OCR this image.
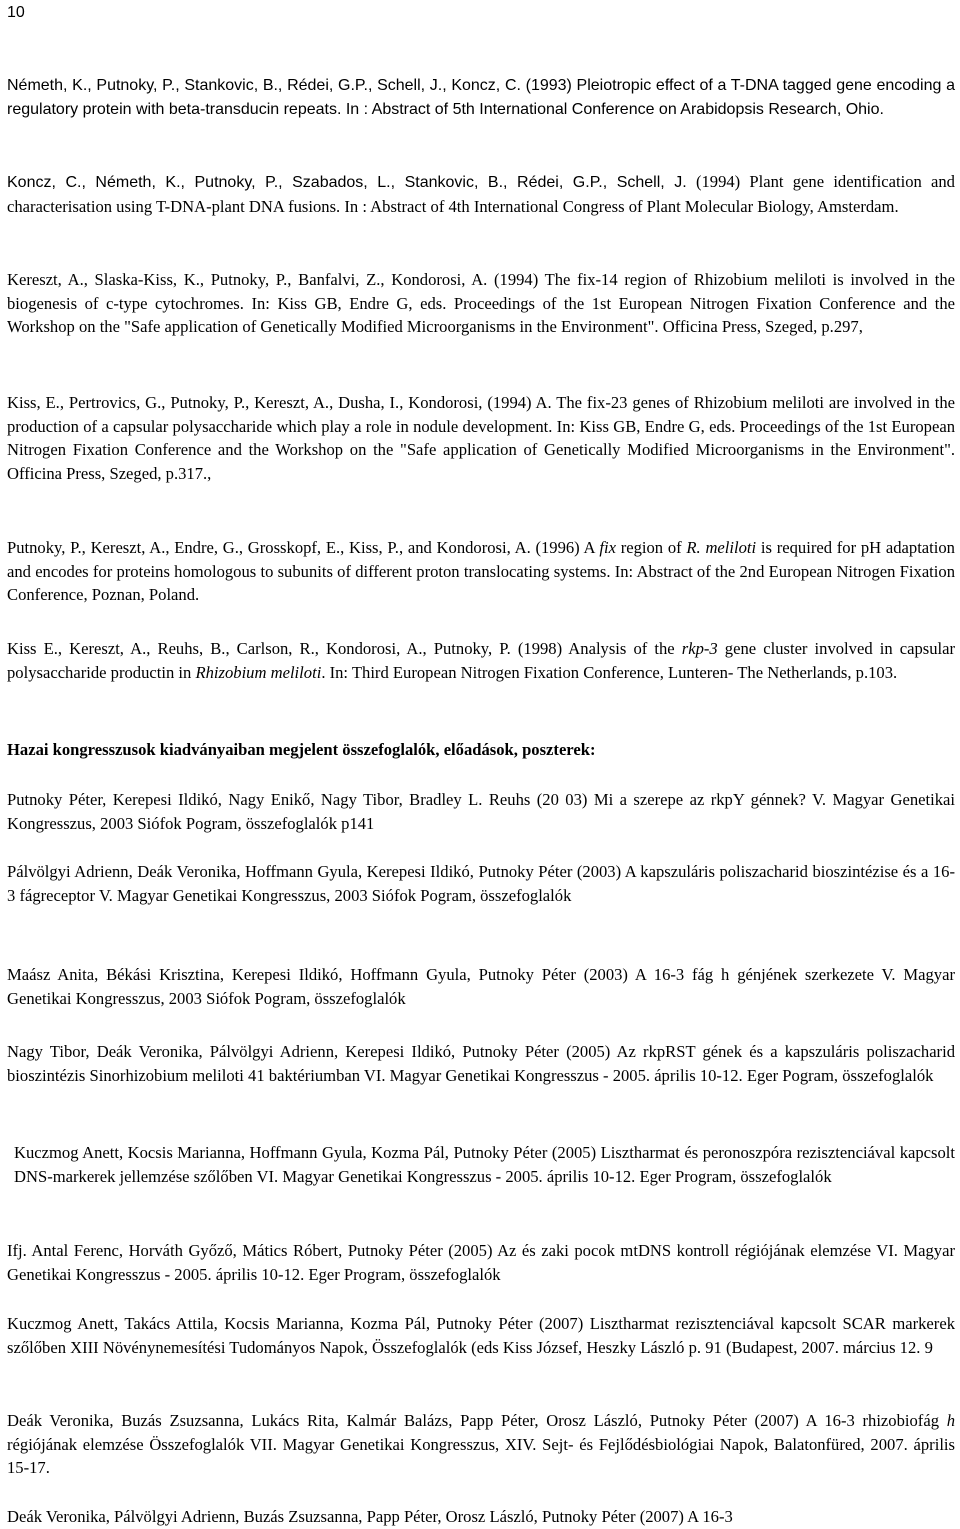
10

Németh, K., Putnoky, P., Stankovic, B., Rédei, G.P., Schell, J., Koncz, C. (1993) Pleiotropic effect of a T-DNA tagged gene encoding a regulatory protein with beta-transducin repeats. In : Abstract of 5th International Conference on Arabidopsis Research, Ohio.

Koncz, C., Németh, K., Putnoky, P., Szabados, L., Stankovic, B., Rédei, G.P., Schell, J. (1994) Plant gene identification and characterisation using T-DNA-plant DNA fusions. In : Abstract of 4th International Congress of Plant Molecular Biology, Amsterdam.

Kereszt, A., Slaska-Kiss, K., Putnoky, P., Banfalvi, Z., Kondorosi, A. (1994) The fix-14 region of Rhizobium meliloti is involved in the biogenesis of c-type cytochromes. In: Kiss GB, Endre G, eds. Proceedings of the 1st European Nitrogen Fixation Conference and the Workshop on the "Safe application of Genetically Modified Microorganisms in the Environment". Officina Press, Szeged, p.297,

Kiss, E., Pertrovics, G., Putnoky, P., Kereszt, A., Dusha, I., Kondorosi, (1994) A. The fix-23 genes of Rhizobium meliloti are involved in the production of a capsular polysaccharide which play a role in nodule development. In: Kiss GB, Endre G, eds. Proceedings of the 1st European Nitrogen Fixation Conference and the Workshop on the "Safe application of Genetically Modified Microorganisms in the Environment". Officina Press, Szeged, p.317.,

Putnoky, P., Kereszt, A., Endre, G., Grosskopf, E., Kiss, P., and Kondorosi, A. (1996) A fix region of R. meliloti is required for pH adaptation and encodes for proteins homologous to subunits of different proton translocating systems. In: Abstract of the 2nd European Nitrogen Fixation Conference, Poznan, Poland.

Kiss E., Kereszt, A., Reuhs, B., Carlson, R., Kondorosi, A., Putnoky, P. (1998) Analysis of the rkp-3 gene cluster involved in capsular polysaccharide productin in Rhizobium meliloti. In: Third European Nitrogen Fixation Conference, Lunteren- The Netherlands, p.103.

Hazai kongresszusok kiadványaiban megjelent összefoglalók, előadások, poszterek:

Putnoky Péter, Kerepesi Ildikó, Nagy Enikő, Nagy Tibor, Bradley L. Reuhs (20 03) Mi a szerepe az rkpY génnek? V. Magyar Genetikai Kongresszus, 2003 Siófok Pogram, összefoglalók p141

Pálvölgyi Adrienn, Deák Veronika, Hoffmann Gyula, Kerepesi Ildikó, Putnoky Péter (2003) A kapszuláris poliszacharid bioszintézise és a 16-3 fágreceptor V. Magyar Genetikai Kongresszus, 2003 Siófok Pogram, összefoglalók

Maász Anita, Békási Krisztina, Kerepesi Ildikó, Hoffmann Gyula, Putnoky Péter (2003) A 16-3 fág h génjének szerkezete V. Magyar Genetikai Kongresszus, 2003 Siófok Pogram, összefoglalók

Nagy Tibor, Deák Veronika, Pálvölgyi Adrienn, Kerepesi Ildikó, Putnoky Péter (2005) Az rkpRST gének és a kapszuláris poliszacharid bioszintézis Sinorhizobium meliloti 41 baktériumban VI. Magyar Genetikai Kongresszus - 2005. április 10-12. Eger Pogram, összefoglalók

Kuczmog Anett, Kocsis Marianna, Hoffmann Gyula, Kozma Pál, Putnoky Péter (2005) Lisztharmat és peronoszpóra rezisztenciával kapcsolt DNS-markerek jellemzése szőlőben VI. Magyar Genetikai Kongresszus - 2005. április 10-12. Eger Program, összefoglalók

Ifj. Antal Ferenc, Horváth Győző, Mátics Róbert, Putnoky Péter (2005) Az és zaki pocok mtDNS kontroll régiójának elemzése VI. Magyar Genetikai Kongresszus - 2005. április 10-12. Eger Program, összefoglalók

Kuczmog Anett, Takács Attila, Kocsis Marianna, Kozma Pál, Putnoky Péter (2007) Lisztharmat rezisztenciával kapcsolt SCAR markerek szőlőben XIII Növénynemesítési Tudományos Napok, Összefoglalók (eds Kiss József, Heszky László p. 91 (Budapest, 2007. március 12. 9

Deák Veronika, Buzás Zsuzsanna, Lukács Rita, Kalmár Balázs, Papp Péter, Orosz László, Putnoky Péter (2007) A 16-3 rhizobiofág h régiójának elemzése Összefoglalók VII. Magyar Genetikai Kongresszus, XIV. Sejt- és Fejlődésbiológiai Napok, Balatonfüred, 2007. április 15-17.

Deák Veronika, Pálvölgyi Adrienn, Buzás Zsuzsanna, Papp Péter, Orosz László, Putnoky Péter (2007) A 16-3
